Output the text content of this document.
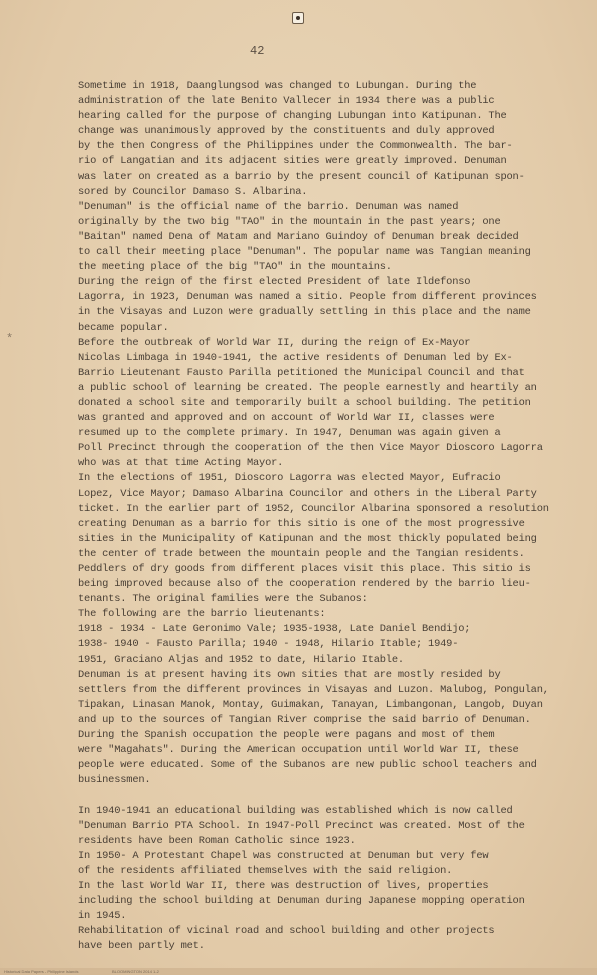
42
*
Sometime in 1918, Daanglungsod was changed to Lubungan. During the
administration of the late Benito Vallecer in 1934 there was a public
hearing called for the purpose of changing Lubungan into Katipunan. The
change was unanimously approved by the constituents and duly approved
by the then Congress of the Philippines under the Commonwealth. The bar-
rio of Langatian and its adjacent sities were greatly improved. Denuman
was later on created as a barrio by the present council of Katipunan spon-
sored by Councilor Damaso S. Albarina.
"Denuman" is the official name of the barrio. Denuman was named
originally by the two big "TAO" in the mountain in the past years; one
"Baitan" named Dena of Matam and Mariano Guindoy of Denuman break decided
to call their meeting place "Denuman". The popular name was Tangian meaning
the meeting place of the big "TAO" in the mountains.
During the reign of the first elected President of late Ildefonso
Lagorra, in 1923, Denuman was named a sitio. People from different provinces
in the Visayas and Luzon were gradually settling in this place and the name
became popular.
Before the outbreak of World War II, during the reign of Ex-Mayor
Nicolas Limbaga in 1940-1941, the active residents of Denuman led by Ex-
Barrio Lieutenant Fausto Parilla petitioned the Municipal Council and that
a public school of learning be created. The people earnestly and heartily an
donated a school site and temporarily built a school building. The petition
was granted and approved and on account of World War II, classes were
resumed up to the complete primary. In 1947, Denuman was again given a
Poll Precinct through the cooperation of the then Vice Mayor Dioscoro Lagorra
who was at that time Acting Mayor.
In the elections of 1951, Dioscoro Lagorra was elected Mayor, Eufracio
Lopez, Vice Mayor; Damaso Albarina Councilor and others in the Liberal Party
ticket. In the earlier part of 1952, Councilor Albarina sponsored a resolution
creating Denuman as a barrio for this sitio is one of the most progressive
sities in the Municipality of Katipunan and the most thickly populated being
the center of trade between the mountain people and the Tangian residents.
Peddlers of dry goods from different places visit this place. This sitio is
being improved because also of the cooperation rendered by the barrio lieu-
tenants. The original families were the Subanos:
The following are the barrio lieutenants:
1918 - 1934 - Late Geronimo Vale; 1935-1938, Late Daniel Bendijo;
1938- 1940 - Fausto Parilla; 1940 - 1948, Hilario Itable; 1949-
1951, Graciano Aljas and 1952 to date, Hilario Itable.
Denuman is at present having its own sities that are mostly resided by
settlers from the different provinces in Visayas and Luzon. Malubog, Pongulan,
Tipakan, Linasan Manok, Montay, Guimakan, Tanayan, Limbangonan, Langob, Duyan
and up to the sources of Tangian River comprise the said barrio of Denuman.
During the Spanish occupation the people were pagans and most of them
were "Magahats". During the American occupation until World War II, these
people were educated. Some of the Subanos are new public school teachers and
businessmen.
In 1940-1941 an educational building was established which is now called
"Denuman Barrio PTA School. In 1947-Poll Precinct was created. Most of the
residents have been Roman Catholic since 1923.
In 1950- A Protestant Chapel was constructed at Denuman but very few
of the residents affiliated themselves with the said religion.
In the last World War II, there was destruction of lives, properties
including the school building at Denuman during Japanese mopping operation
in 1945.
Rehabilitation of vicinal road and school building and other projects
have been partly met.
Historical Data Papers - Philippine Islands	BLOOMINGTON 2014 1-2
